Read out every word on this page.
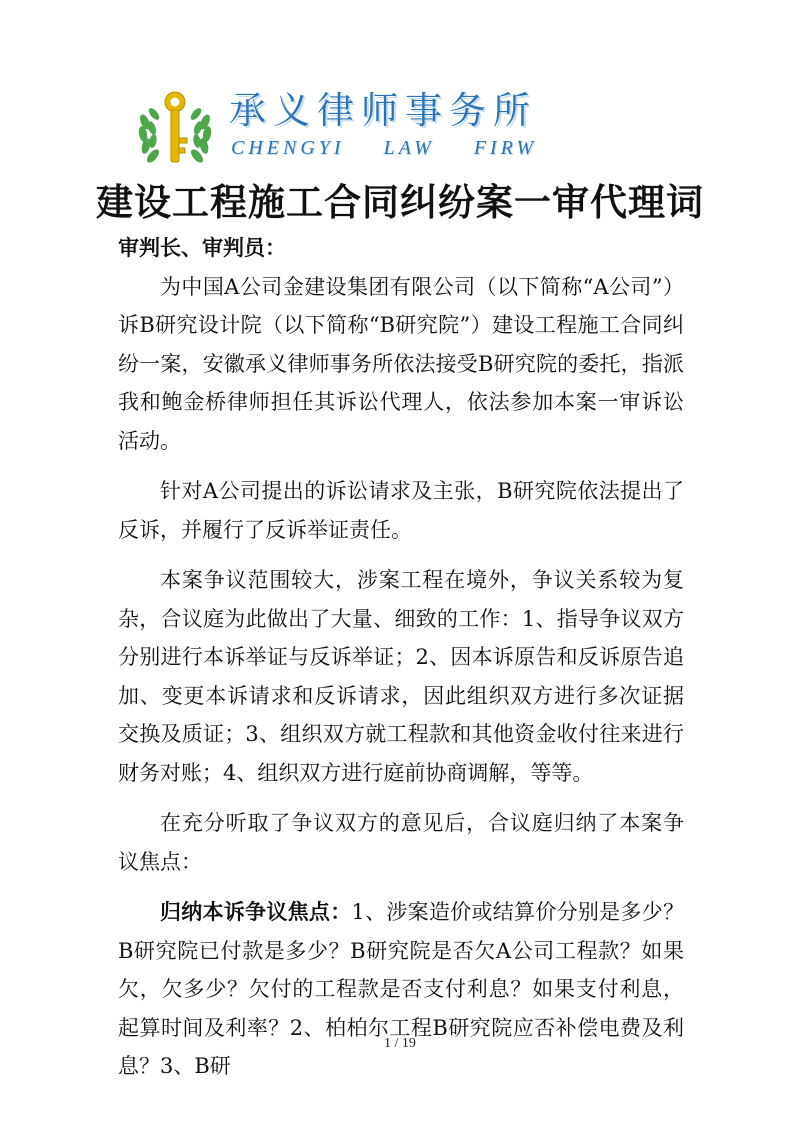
承义律师事务所
CHENGYI LAW FIRW
建设工程施工合同纠纷案一审代理词

审判长、审判员：

为中国A公司金建设集团有限公司（以下简称“A公司”）诉B研究设计院（以下简称“B研究院”）建设工程施工合同纠纷一案，安徽承义律师事务所依法接受B研究院的委托，指派我和鲍金桥律师担任其诉讼代理人，依法参加本案一审诉讼活动。

针对A公司提出的诉讼请求及主张，B研究院依法提出了反诉，并履行了反诉举证责任。

本案争议范围较大，涉案工程在境外，争议关系较为复杂，合议庭为此做出了大量、细致的工作：1、指导争议双方分别进行本诉举证与反诉举证；2、因本诉原告和反诉原告追加、变更本诉请求和反诉请求，因此组织双方进行多次证据交换及质证；3、组织双方就工程款和其他资金收付往来进行财务对账；4、组织双方进行庭前协商调解，等等。

在充分听取了争议双方的意见后，合议庭归纳了本案争议焦点：

归纳本诉争议焦点：1、涉案造价或结算价分别是多少？B研究院已付款是多少？B研究院是否欠A公司工程款？如果欠，欠多少？欠付的工程款是否支付利息？如果支付利息，起算时间及利率？2、柏柏尔工程B研究院应否补偿电费及利息？3、B研

1 / 19
